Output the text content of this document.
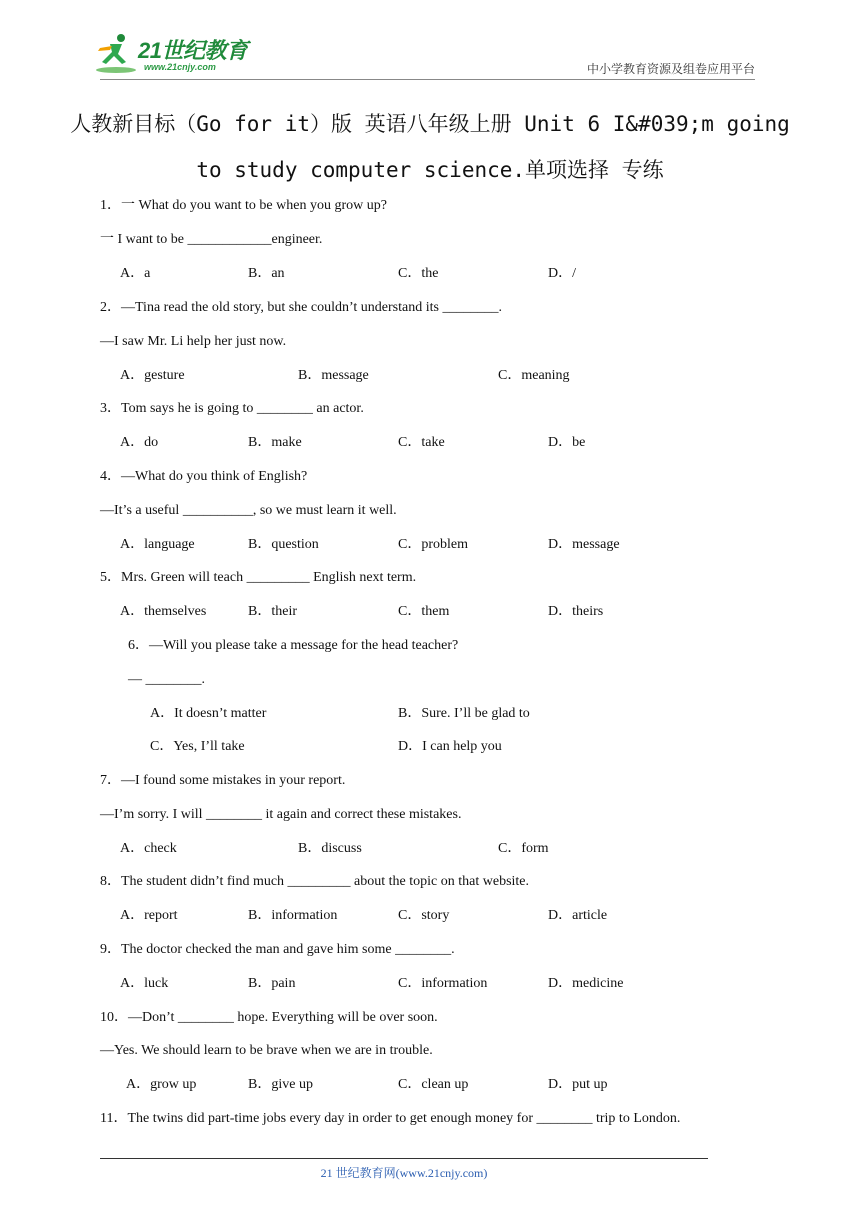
21世纪教育
www.21cnjy.com	中小学教育资源及组卷应用平台
人教新目标（Go for it）版 英语八年级上册 Unit 6 I&#039;m going
to study computer science.单项选择 专练
1．一 What do you want to be when you grow up?
一 I want to be ____________engineer.
A．a	B．an	C．the	D．/
2．—Tina read the old story, but she couldn’t understand its ________.
—I saw Mr. Li help her just now.
A．gesture	B．message	C．meaning
3．Tom says he is going to ________ an actor.
A．do	B．make	C．take	D．be
4．—What do you think of English?
—It’s a useful __________, so we must learn it well.
A．language	B．question	C．problem	D．message
5．Mrs. Green will teach _________ English next term.
A．themselves	B．their	C．them	D．theirs
6．—Will you please take a message for the head teacher?
— ________.
A．It doesn’t matter	B．Sure. I’ll be glad to
C．Yes, I’ll take	D．I can help you
7．—I found some mistakes in your report.
—I’m sorry. I will ________ it again and correct these mistakes.
A．check	B．discuss	C．form
8．The student didn’t find much _________ about the topic on that website.
A．report	B．information	C．story	D．article
9．The doctor checked the man and gave him some ________.
A．luck	B．pain	C．information	D．medicine
10．—Don’t ________ hope. Everything will be over soon.
—Yes. We should learn to be brave when we are in trouble.
A．grow up	B．give up	C．clean up	D．put up
11．The twins did part-time jobs every day in order to get enough money for ________ trip to London.
21 世纪教育网(www.21cnjy.com)
